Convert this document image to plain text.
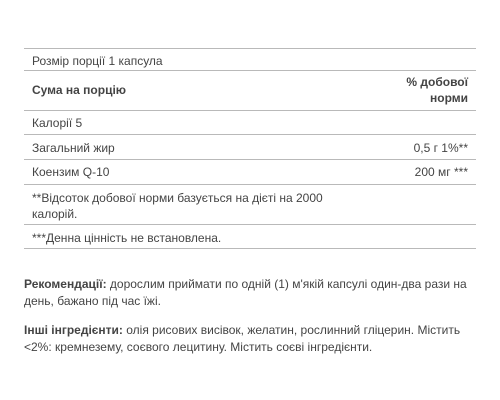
Розмір порції 1 капсула
Сума на порцію
% добової
норми
Калорії 5
Загальний жир	0,5 г 1%**
Коензим Q-10	200 мг ***
**Відсоток добової норми базується на дієті на 2000 калорій.
***Денна цінність не встановлена.

Рекомендації: дорослим приймати по одній (1) м'якій капсулі один-два рази на день, бажано під час їжі.

Інші інгредієнти: олія рисових висівок, желатин, рослинний гліцерин. Містить <2%: кремнезему, соєвого лецитину. Містить соєві інгредієнти.
